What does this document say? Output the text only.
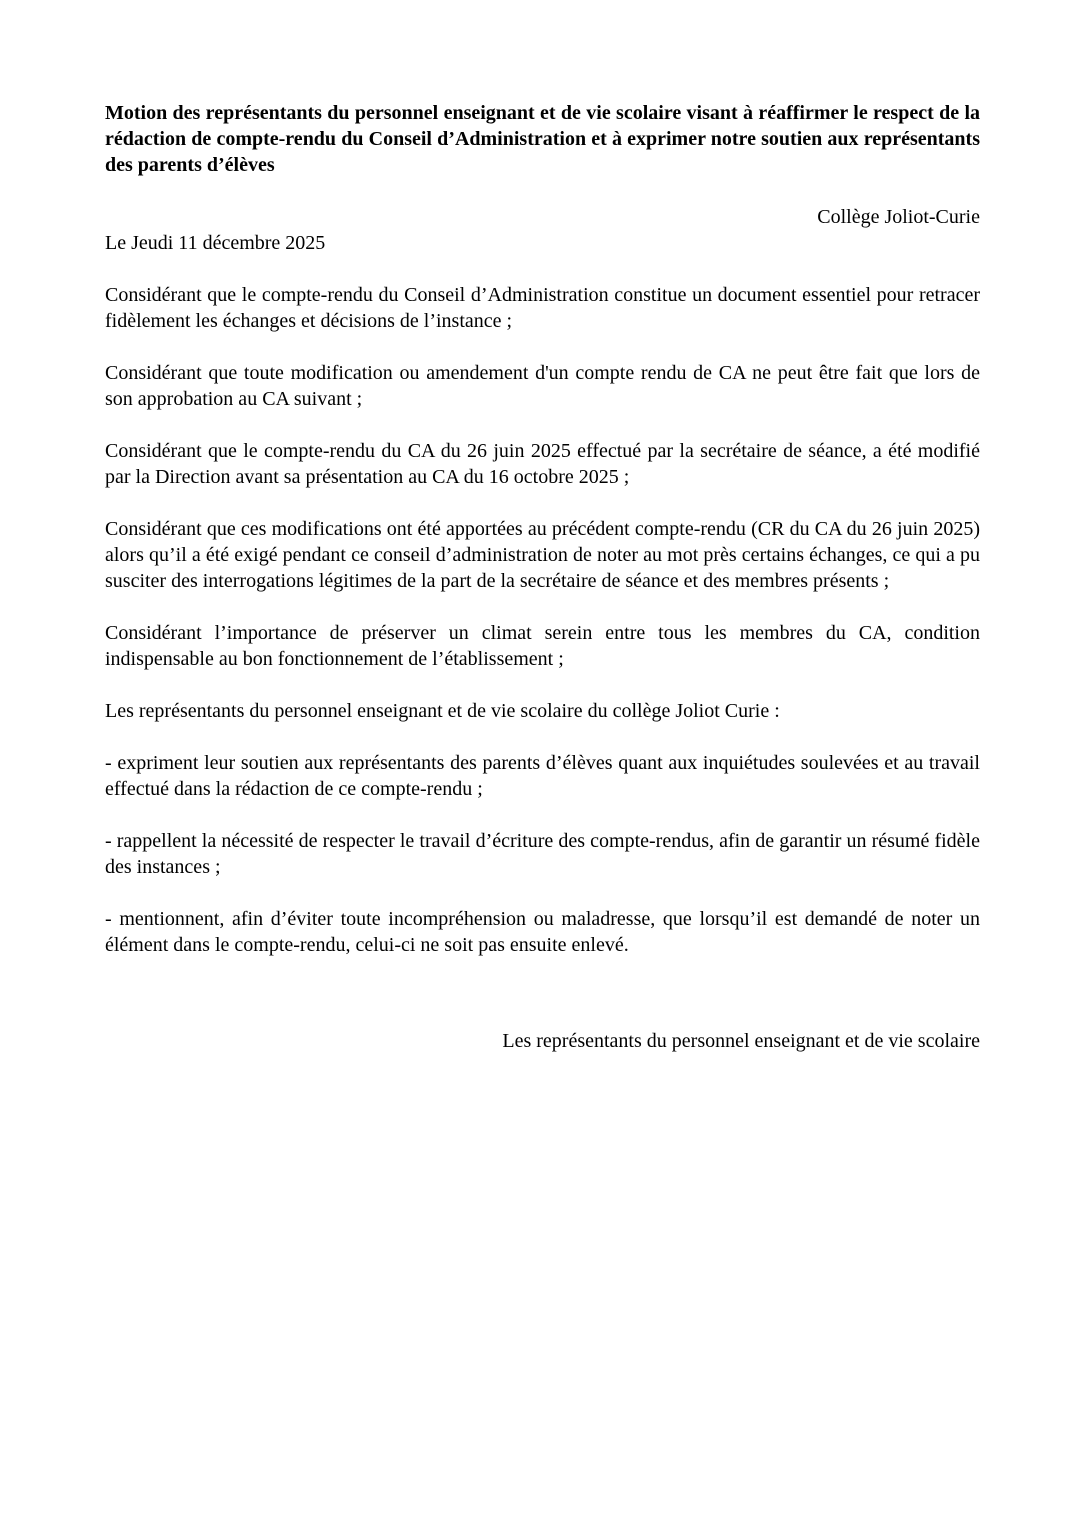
Motion des représentants du personnel enseignant et de vie scolaire visant à réaffirmer le respect de la rédaction de compte-rendu du Conseil d’Administration et à exprimer notre soutien aux représentants des parents d’élèves

Collège Joliot-Curie

Le Jeudi 11 décembre 2025

Considérant que le compte-rendu du Conseil d’Administration constitue un document essentiel pour retracer fidèlement les échanges et décisions de l’instance ;

Considérant que toute modification ou amendement d'un compte rendu de CA ne peut être fait que lors de son approbation au CA suivant ;

Considérant que le compte-rendu du CA du 26 juin 2025 effectué par la secrétaire de séance, a été modifié par la Direction avant sa présentation au CA du 16 octobre 2025 ;

Considérant que ces modifications ont été apportées au précédent compte-rendu (CR du CA du 26 juin 2025) alors qu’il a été exigé pendant ce conseil d’administration de noter au mot près certains échanges, ce qui a pu susciter des interrogations légitimes de la part de la secrétaire de séance et des membres présents ;

Considérant l’importance de préserver un climat serein entre tous les membres du CA, condition indispensable au bon fonctionnement de l’établissement ;

Les représentants du personnel enseignant et de vie scolaire du collège Joliot Curie :

- expriment leur soutien aux représentants des parents d’élèves quant aux inquiétudes soulevées et au travail effectué dans la rédaction de ce compte-rendu ;

- rappellent la nécessité de respecter le travail d’écriture des compte-rendus, afin de garantir un résumé fidèle des instances ;

- mentionnent, afin d’éviter toute incompréhension ou maladresse, que lorsqu’il est demandé de noter un élément dans le compte-rendu, celui-ci ne soit pas ensuite enlevé.

Les représentants du personnel enseignant et de vie scolaire
